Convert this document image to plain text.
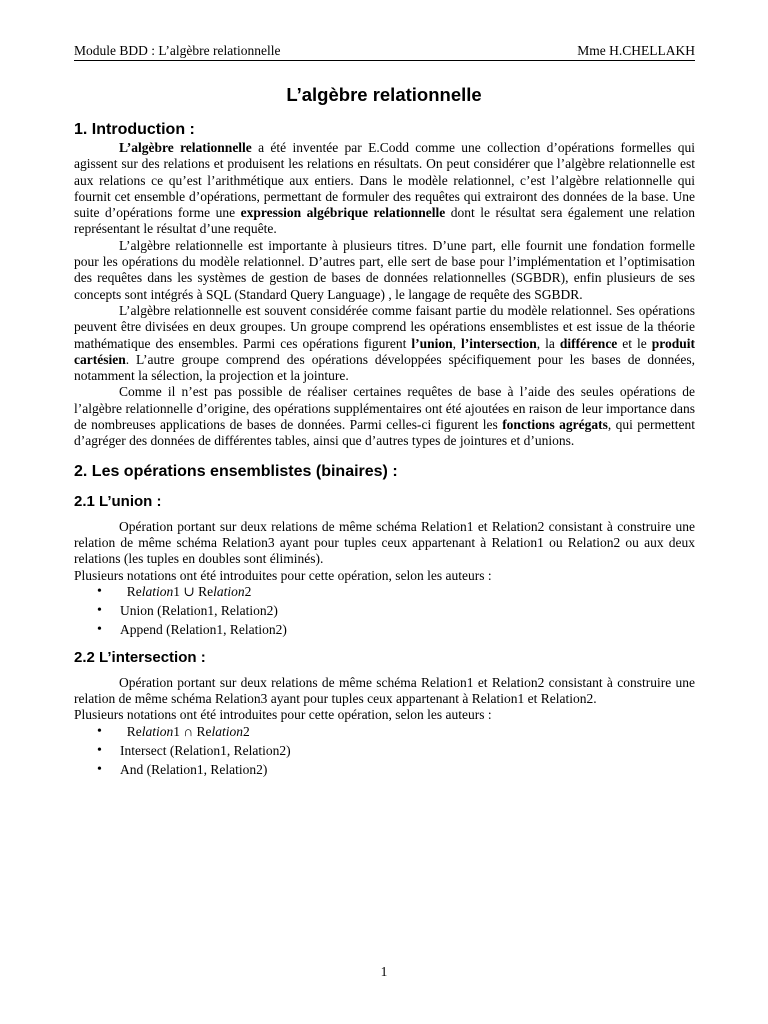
Module BDD : L’algèbre relationnelle	Mme H.CHELLAKH
L’algèbre relationnelle
1. Introduction :

L’algèbre relationnelle a été inventée par E.Codd comme une collection d’opérations formelles qui agissent sur des relations et produisent les relations en résultats. On peut considérer que l’algèbre relationnelle est aux relations ce qu’est l’arithmétique aux entiers. Dans le modèle relationnel, c’est l’algèbre relationnelle qui fournit cet ensemble d’opérations, permettant de formuler des requêtes qui extrairont des données de la base. Une suite d’opérations forme une expression algébrique relationnelle dont le résultat sera également une relation représentant le résultat d’une requête.

L’algèbre relationnelle est importante à plusieurs titres. D’une part, elle fournit une fondation formelle pour les opérations du modèle relationnel. D’autres part, elle sert de base pour l’implémentation et l’optimisation des requêtes dans les systèmes de gestion de bases de données relationnelles (SGBDR), enfin plusieurs de ses concepts sont intégrés à SQL (Standard Query Language) , le langage de requête des SGBDR.

L’algèbre relationnelle est souvent considérée comme faisant partie du modèle relationnel. Ses opérations peuvent être divisées en deux groupes. Un groupe comprend les opérations ensemblistes et est issue de la théorie mathématique des ensembles. Parmi ces opérations figurent l’union, l’intersection, la différence et le produit cartésien. L’autre groupe comprend des opérations développées spécifiquement pour les bases de données, notamment la sélection, la projection et la jointure.

Comme il n’est pas possible de réaliser certaines requêtes de base à l’aide des seules opérations de l’algèbre relationnelle d’origine, des opérations supplémentaires ont été ajoutées en raison de leur importance dans de nombreuses applications de bases de données. Parmi celles-ci figurent les fonctions agrégats, qui permettent d’agréger des données de différentes tables, ainsi que d’autres types de jointures et d’unions.

2. Les opérations ensemblistes (binaires) :
2.1 L’union :

Opération portant sur deux relations de même schéma Relation1 et Relation2 consistant à construire une relation de même schéma Relation3 ayant pour tuples ceux appartenant à Relation1 ou Relation2 ou aux deux relations (les tuples en doubles sont éliminés).

Plusieurs notations ont été introduites pour cette opération, selon les auteurs :

•   Relation1 ∪ Relation2
• Union (Relation1, Relation2)
• Append (Relation1, Relation2)
2.2 L’intersection :

Opération portant sur deux relations de même schéma Relation1 et Relation2 consistant à construire une relation de même schéma Relation3 ayant pour tuples ceux appartenant à Relation1 et Relation2.

Plusieurs notations ont été introduites pour cette opération, selon les auteurs :

•   Relation1 ∩ Relation2
• Intersect (Relation1, Relation2)
• And (Relation1, Relation2)
1
